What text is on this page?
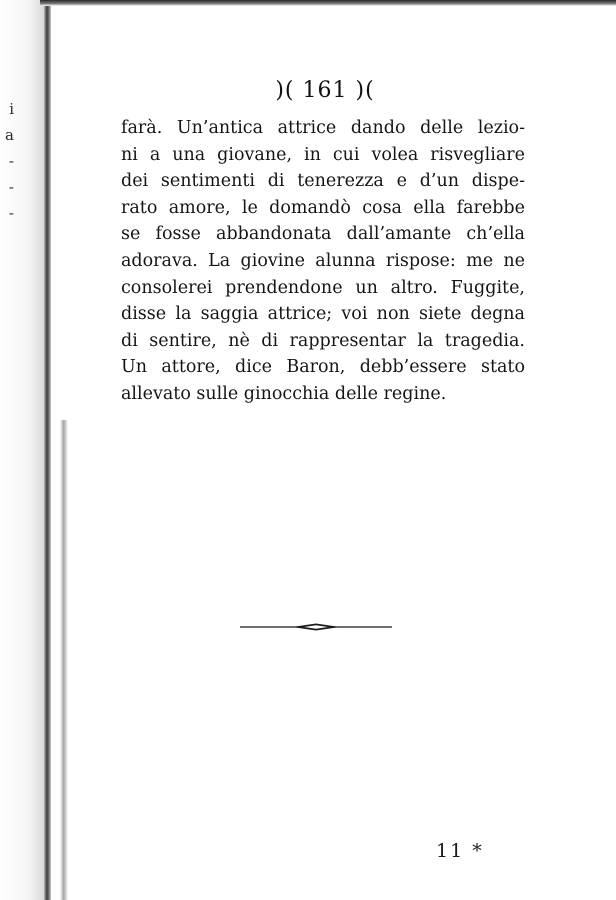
i
a
-
-
-
)( 161 )(
farà. Un’antica attrice dando delle lezio-
ni a una giovane, in cui volea risvegliare
dei sentimenti di tenerezza e d’un dispe-
rato amore, le domandò cosa ella farebbe
se fosse abbandonata dall’amante ch’ella
adorava. La giovine alunna rispose: me ne
consolerei prendendone un altro. Fuggite,
disse la saggia attrice; voi non siete degna
di sentire, nè di rappresentar la tragedia.
Un attore, dice Baron, debb’essere stato
allevato sulle ginocchia delle regine.
11 *
